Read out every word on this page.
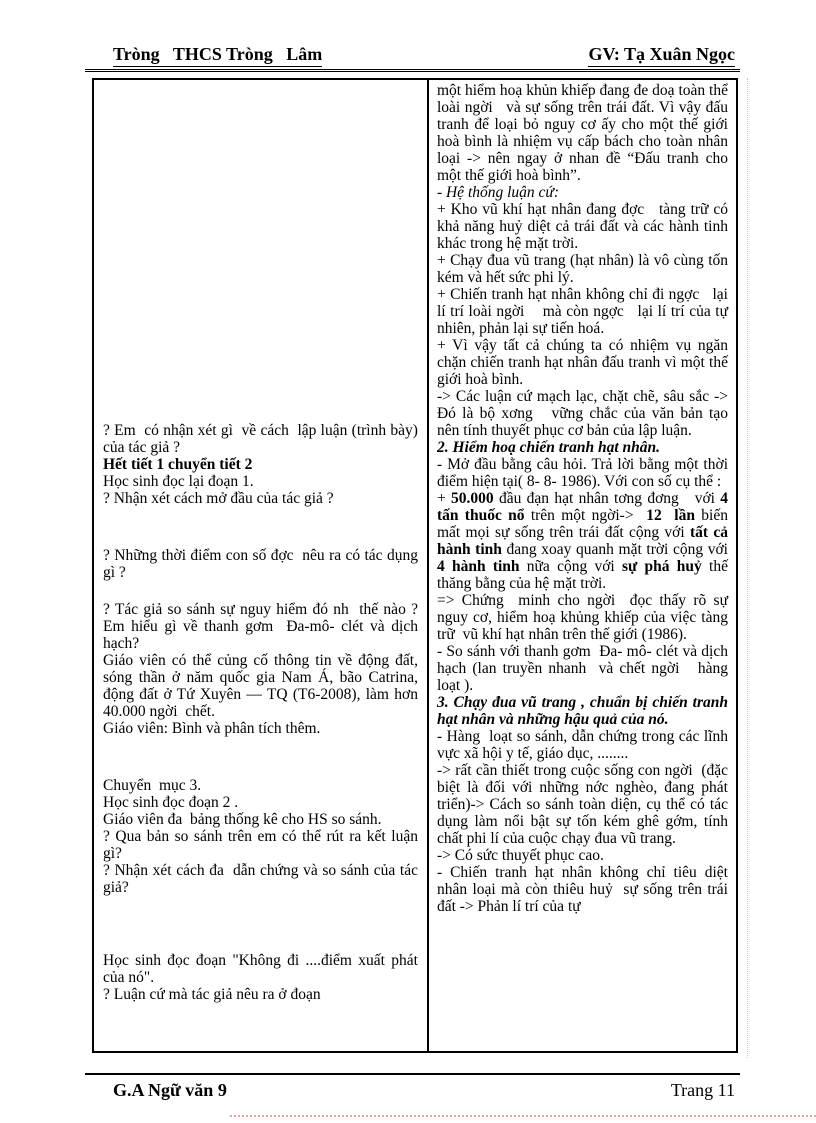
Tròng   THCS Tròng   Lâm	GV: Tạ Xuân Ngọc

? Em  có nhận xét gì  về cách  lập luận (trình bày) của tác giả ?

Hết tiết 1 chuyển tiết 2

Học sinh đọc lại đoạn 1.

? Nhận xét cách mở đầu của tác giả ?

? Những thời điểm con số đợc  nêu ra có tác dụng gì ?

? Tác giả so sánh sự nguy hiểm đó nh  thế nào ? Em hiểu gì về thanh gơm  Đa-mô- clét và dịch hạch?

Giáo viên có thể củng cố thông tin về động đất, sóng thần ở năm quốc gia Nam Á, bão Catrina, động đất ở Tứ Xuyên — TQ (T6-2008), làm hơn 40.000 ngời  chết.

Giáo viên: Bình và phân tích thêm.

Chuyển  mục 3.

Học sinh đọc đoạn 2 .

Giáo viên đa  bảng thống kê cho HS so sánh.

? Qua bản so sánh trên em có thể rút ra kết luận gì?

? Nhận xét cách đa  dẫn chứng và so sánh của tác giả?

Học sinh đọc đoạn "Không đi ....điểm xuất phát của nó".

? Luận cứ mà tác giả nêu ra ở đoạn

một hiểm hoạ khủn khiếp đang đe doạ toàn thể loài ngời   và sự sống trên trái đất. Vì vậy đấu tranh để loại bỏ nguy cơ ấy cho một thế giới hoà bình là nhiệm vụ cấp bách cho toàn nhân loại -> nên ngay ở nhan đề “Đấu tranh cho một thế giới hoà bình”.

- Hệ thống luận cứ:

+ Kho vũ khí hạt nhân đang đợc   tàng trữ có khả năng huỷ diệt cả trái đất và các hành tinh khác trong hệ mặt trời.

+ Chạy đua vũ trang (hạt nhân) là vô cùng tốn kém và hết sức phi lý.

+ Chiến tranh hạt nhân không chỉ đi ngợc   lại lí trí loài ngời    mà còn ngợc   lại lí trí của tự nhiên, phản lại sự tiến hoá.

+ Vì vậy tất cả chúng ta có nhiệm vụ ngăn chặn chiến tranh hạt nhân đấu tranh vì một thế giới hoà bình.

-> Các luận cứ mạch lạc, chặt chẽ, sâu sắc -> Đó là bộ xơng   vững chắc của văn bản tạo nên tính thuyết phục cơ bản của lập luận.

2. Hiểm hoạ chiến tranh hạt nhân.

- Mở đầu bằng câu hỏi. Trả lời bằng một thời điểm hiện tại( 8- 8- 1986). Với con số cụ thể :

+ 50.000 đầu đạn hạt nhân tơng đơng   với 4 tấn thuốc nổ trên một ngời->  12  lần biến mất mọi sự sống trên trái đất cộng với tất cả hành tinh đang xoay quanh mặt trời cộng với 4 hành tinh nữa cộng với sự phá huỷ thế thăng bằng của hệ mặt trời.

=> Chứng  minh cho ngời  đọc thấy rõ sự nguy cơ, hiểm hoạ khủng khiếp của việc tàng trữ  vũ khí hạt nhân trên thế giới (1986).

- So sánh với thanh gơm  Đa- mô- clét và dịch hạch (lan truyền nhanh  và chết ngời   hàng loạt ).

3. Chạy đua vũ trang , chuẩn bị chiến tranh hạt nhân và những hậu quả của nó.

- Hàng  loạt so sánh, dẫn chứng trong các lĩnh vực xã hội y tế, giáo dục, ........

-> rất cần thiết trong cuộc sống con ngời  (đặc biệt là đối với những nớc nghèo, đang phát triển)-> Cách so sánh toàn diện, cụ thể có tác dụng làm nổi bật sự tốn kém ghê gớm, tính chất phi lí của cuộc chạy đua vũ trang.

-> Có sức thuyết phục cao.

- Chiến tranh hạt nhân không chỉ tiêu diệt nhân loại mà còn thiêu huỷ  sự sống trên trái đất -> Phản lí trí của tự

G.A Ngữ văn 9	Trang 11
